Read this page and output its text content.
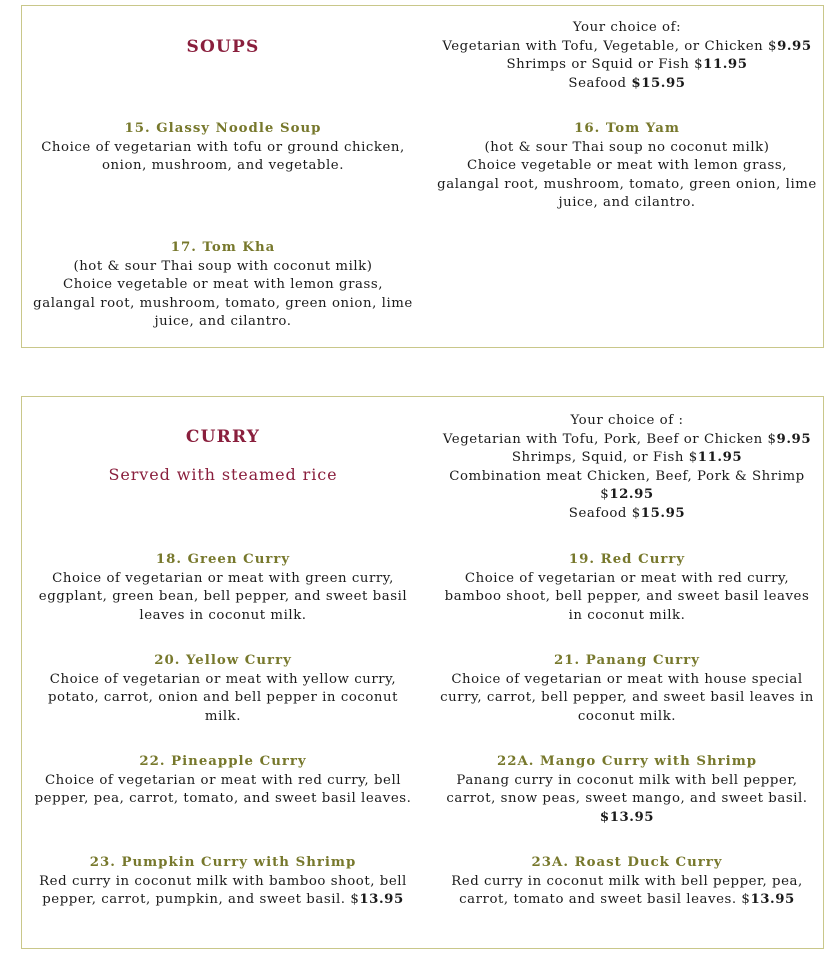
SOUPS
Your choice of:
Vegetarian with Tofu, Vegetable, or Chicken $9.95
Shrimps or Squid or Fish $11.95
Seafood $15.95
15. Glassy Noodle Soup
Choice of vegetarian with tofu or ground chicken,
onion, mushroom, and vegetable.
16. Tom Yam
(hot & sour Thai soup no coconut milk)
Choice vegetable or meat with lemon grass,
galangal root, mushroom, tomato, green onion, lime
juice, and cilantro.
17. Tom Kha
(hot & sour Thai soup with coconut milk)
Choice vegetable or meat with lemon grass,
galangal root, mushroom, tomato, green onion, lime
juice, and cilantro.
CURRY
Served with steamed rice
Your choice of :
Vegetarian with Tofu, Pork, Beef or Chicken $9.95
Shrimps, Squid, or Fish $11.95
Combination meat Chicken, Beef, Pork & Shrimp
$12.95
Seafood $15.95
18. Green Curry
Choice of vegetarian or meat with green curry,
eggplant, green bean, bell pepper, and sweet basil
leaves in coconut milk.
19. Red Curry
Choice of vegetarian or meat with red curry,
bamboo shoot, bell pepper, and sweet basil leaves
in coconut milk.
20. Yellow Curry
Choice of vegetarian or meat with yellow curry,
potato, carrot, onion and bell pepper in coconut
milk.
21. Panang Curry
Choice of vegetarian or meat with house special
curry, carrot, bell pepper, and sweet basil leaves in
coconut milk.
22. Pineapple Curry
Choice of vegetarian or meat with red curry, bell
pepper, pea, carrot, tomato, and sweet basil leaves.
22A. Mango Curry with Shrimp
Panang curry in coconut milk with bell pepper,
carrot, snow peas, sweet mango, and sweet basil.
$13.95
23. Pumpkin Curry with Shrimp
Red curry in coconut milk with bamboo shoot, bell
pepper, carrot, pumpkin, and sweet basil. $13.95
23A. Roast Duck Curry
Red curry in coconut milk with bell pepper, pea,
carrot, tomato and sweet basil leaves. $13.95
